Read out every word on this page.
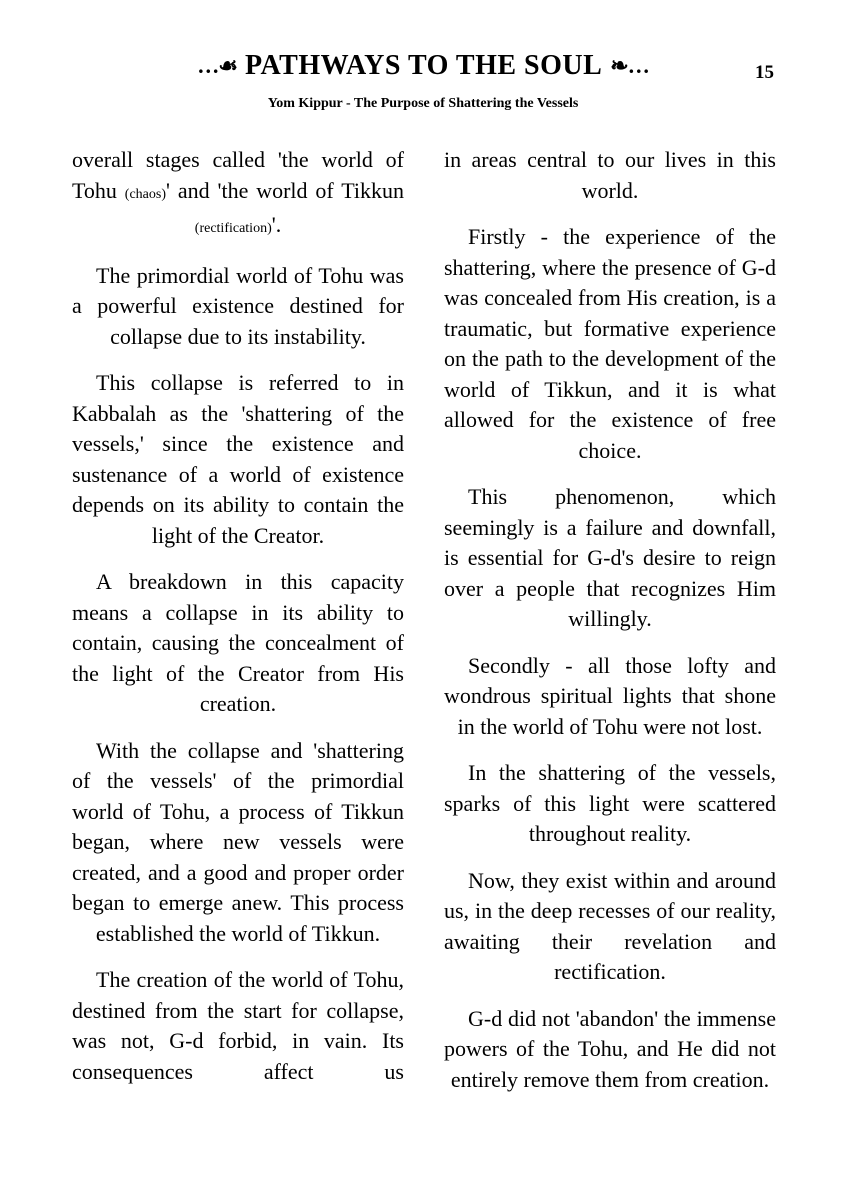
…☙ PATHWAYS TO THE SOUL ❧…	15
Yom Kippur - The Purpose of Shattering the Vessels

overall stages called 'the world of Tohu (chaos)' and 'the world of Tikkun (rectification)'.

The primordial world of Tohu was a powerful existence destined for collapse due to its instability.

This collapse is referred to in Kabbalah as the 'shattering of the vessels,' since the existence and sustenance of a world of existence depends on its ability to contain the light of the Creator.

A breakdown in this capacity means a collapse in its ability to contain, causing the concealment of the light of the Creator from His creation.

With the collapse and 'shattering of the vessels' of the primordial world of Tohu, a process of Tikkun began, where new vessels were created, and a good and proper order began to emerge anew. This process established the world of Tikkun.

The creation of the world of Tohu, destined from the start for collapse, was not, G-d forbid, in vain. Its consequences affect us

in areas central to our lives in this world.

Firstly - the experience of the shattering, where the presence of G-d was concealed from His creation, is a traumatic, but formative experience on the path to the development of the world of Tikkun, and it is what allowed for the existence of free choice.

This phenomenon, which seemingly is a failure and downfall, is essential for G-d's desire to reign over a people that recognizes Him willingly.

Secondly - all those lofty and wondrous spiritual lights that shone in the world of Tohu were not lost.

In the shattering of the vessels, sparks of this light were scattered throughout reality.

Now, they exist within and around us, in the deep recesses of our reality, awaiting their revelation and rectification.

G-d did not 'abandon' the immense powers of the Tohu, and He did not entirely remove them from creation.
